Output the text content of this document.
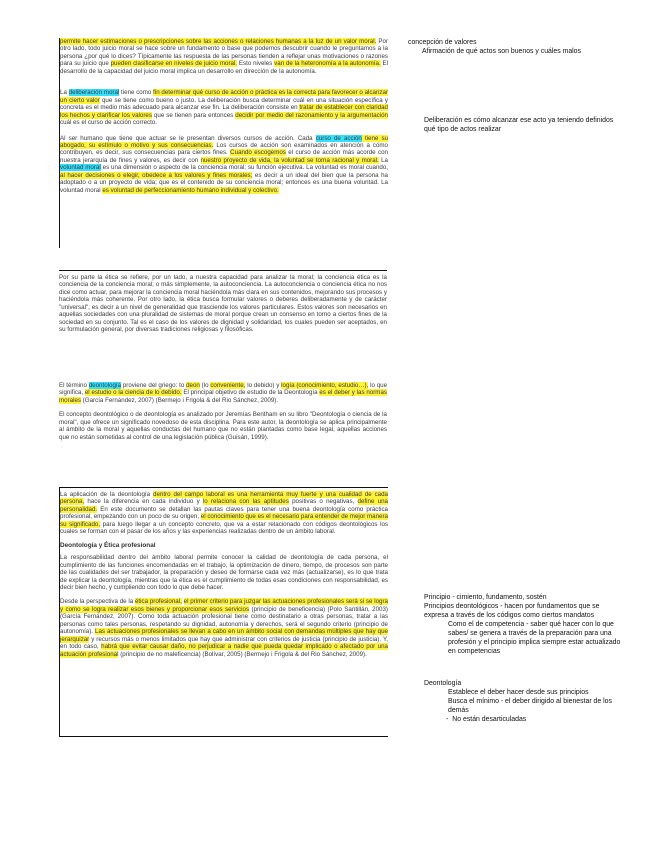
permite hacer estimaciones o prescripciones sobre las acciones o relaciones humanas a la luz de un valor moral. Por otro lado, todo juicio moral se hace sobre un fundamento o base que podemos descubrir cuando le preguntamos a la persona ¿por qué lo dices? Típicamente las respuesta de las personas tienden a reflejar unas motivaciones o razones para su juicio que pueden clasificarse en niveles de juicio moral. Esto niveles van de la heteronomía a la autonomía. El desarrollo de la capacidad del juicio moral implica un desarrollo en dirección de la autonomía.

La deliberación moral tiene como fin determinar qué curso de acción o práctica es la correcta para favorecer o alcanzar un cierto valor que se tiene como bueno o justo. La deliberación busca determinar cuál en una situación específica y concreta es el medio más adecuado para alcanzar ese fin. La deliberación consiste en tratar de establecer con claridad los hechos y clarificar los valores que se tienen para entonces decidir por medio del razonamiento y la argumentación cuál es el curso de acción correcto.

Al ser humano que tiene que actuar se le presentan diversos cursos de acción. Cada curso de acción tiene su abogado, su estímulo o motivo y sus consecuencias. Los cursos de acción son examinados en atención a cómo contribuyen, es decir, sus consecuencias para ciertos fines. Cuando escogemos el curso de acción más acorde con nuestra jerarquía de fines y valores, es decir con nuestro proyecto de vida, la voluntad se torna racional y moral. La voluntad moral es una dimensión o aspecto de la conciencia moral; su función ejecutiva. La voluntad es moral cuando, al hacer decisiones o elegir, obedece a los valores y fines morales; es decir a un ideal del bien que la persona ha adoptado o a un proyecto de vida; que es el contenido de su conciencia moral; entonces es una buena voluntad. La voluntad moral es voluntad de perfeccionamiento humano individual y colectivo.

Por su parte la ética se refiere, por un lado, a nuestra capacidad para analizar la moral; la conciencia ética es la conciencia de la conciencia moral; o más simplemente, la autoconciencia. La autoconciencia o conciencia ética no nos dice como actuar, para mejorar la conciencia moral haciéndola más clara en sus contenidos, mejorando sus procesos y haciéndola más coherente. Por otro lado, la ética busca formular valores o deberes deliberadamente y de carácter "universal", es decir a un nivel de generalidad que trasciende los valores particulares. Estos valores son necesarios en aquellas sociedades con una pluralidad de sistemas de moral porque crean un consenso en torno a ciertos fines de la sociedad en su conjunto. Tal es el caso de los valores de dignidad y solidaridad, los cuales pueden ser aceptados, en su formulación general, por diversas tradiciones religiosas y filosóficas.

El término deontología proviene del griego: to deon (lo conveniente, lo debido) y logía (conocimiento, estudio…), lo que significa, el estudio o la ciencia de lo debido. El principal objetivo de estudio de la Deontología es el deber y las normas morales (García Fernández, 2007) (Bermejo i Frigola & del Rio Sánchez, 2009).

El concepto deontológico o de deontología es analizado por Jeremías Bentham en su libro "Deontología o ciencia de la moral", que ofrece un significado novedoso de esta disciplina. Para este autor, la deontología se aplica principalmente al ámbito de la moral y aquellas conductas del humano que no están plantadas como base legal, aquellas acciones que no están sometidas al control de una legislación pública (Guisán, 1999).

La aplicación de la deontología dentro del campo laboral es una herramienta muy fuerte y una cualidad de cada persona, hace la diferencia en cada individuo y lo relaciona con las aptitudes positivas o negativas, define una personalidad. En este documento se detallan las pautas claves para tener una buena deontología como práctica profesional, empezando con un poco de su origen, el conocimiento que es el necesario para entender de mejor manera su significado, para luego llegar a un concepto concreto, que va a estar relacionado con códigos deontológicos los cuales se forman con el pasar de los años y las experiencias realizadas dentro de un ámbito laboral.

Deontología y Ética profesional

La responsabilidad dentro del ámbito laboral permite conocer la calidad de deontología de cada persona, el cumplimiento de las funciones encomendadas en el trabajo, la optimización de dinero, tiempo, de procesos son parte de las cualidades del ser trabajador, la preparación y deseo de formarse cada vez más (actualizarse), es lo que trata de explicar la deontología, mientras que la ética es el cumplimiento de todas esas condiciones con responsabilidad, es decir bien hecho, y cumpliendo con todo lo que debe hacer.

Desde la perspectiva de la ética profesional, el primer criterio para juzgar las actuaciones profesionales será si se logra y como se logra realizar esos bienes y proporcionar esos servicios (principio de beneficencia) (Polo Santillán, 2003) (García Fernández, 2007). Como toda actuación profesional tiene como destinatario a otras personas, tratar a las personas como tales personas, respetando su dignidad, autonomía y derechos, será el segundo criterio (principio de autonomía). Las actuaciones profesionales se llevan a cabo en un ámbito social con demandas múltiples que hay que jerarquizar y recursos más o menos limitados que hay que administrar con criterios de justicia (principio de justicia). Y, en todo caso, habrá que evitar causar daño, no perjudicar a nadie que pueda quedar implicado o afectado por una actuación profesional (principio de no maleficencia) (Bolívar, 2005) (Bermejo i Frigola & del Rio Sánchez, 2009).

concepción de valores

Afirmación de qué actos son buenos y cuáles malos

Deliberación es cómo alcanzar ese acto ya teniendo definidos

qué tipo de actos realizar

Principio - cimiento, fundamento, sostén

Principios deontológicos - hacen por fundamentos que se

expresa a través de los códigos como ciertos mandatos

Como el de competencia - saber qué hacer con lo que

sabes/ se genera a través de la preparación para una

profesión y el principio implica siempre estar actualizado

en competencias

Deontología

Establece el deber hacer desde sus principios

Busca el mínimo - el deber dirigido al bienestar de los

demás

- No están desarticuladas
